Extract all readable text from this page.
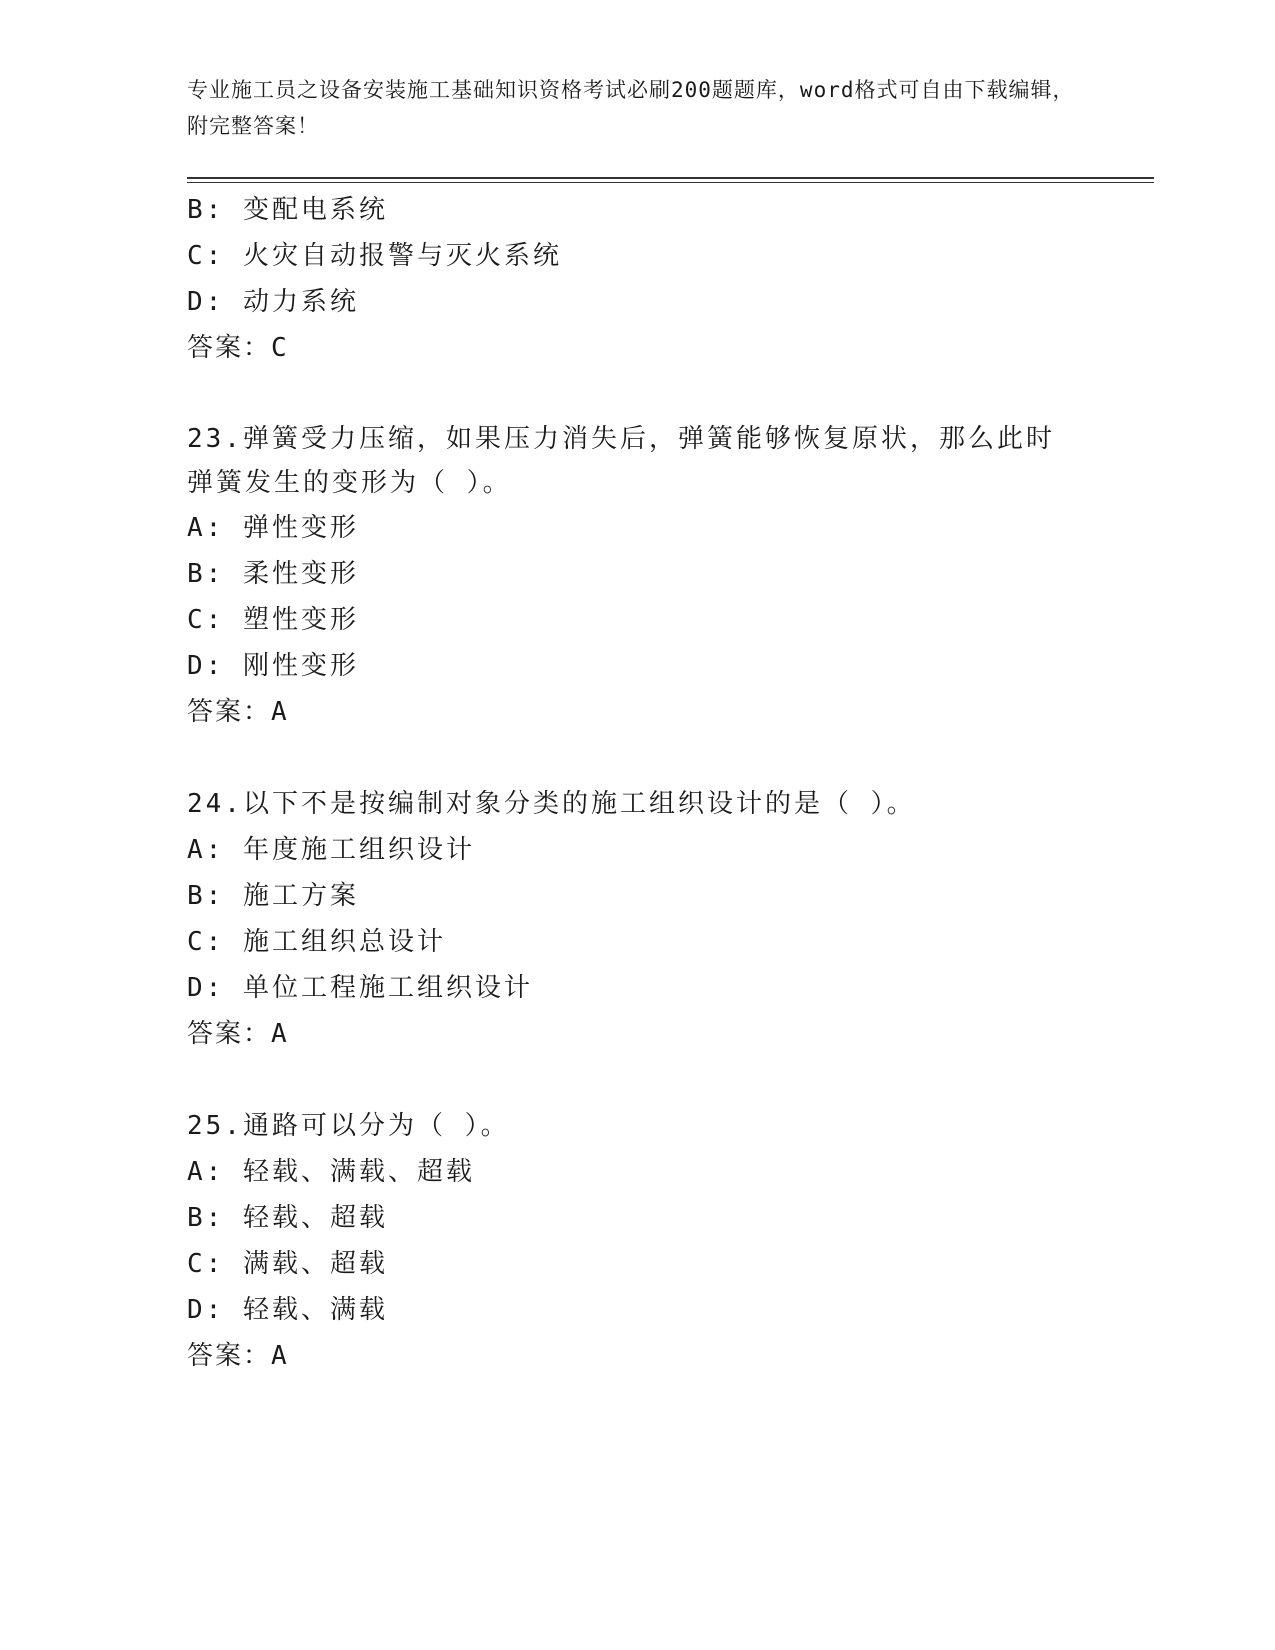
专业施工员之设备安装施工基础知识资格考试必刷200题题库，word格式可自由下载编辑，附完整答案！
B: 变配电系统
C: 火灾自动报警与灭火系统
D: 动力系统
答案：C
23.弹簧受力压缩，如果压力消失后，弹簧能够恢复原状，那么此时弹簧发生的变形为（ ）。
A: 弹性变形
B: 柔性变形
C: 塑性变形
D: 刚性变形
答案：A
24.以下不是按编制对象分类的施工组织设计的是（ ）。
A: 年度施工组织设计
B: 施工方案
C: 施工组织总设计
D: 单位工程施工组织设计
答案：A
25.通路可以分为（ ）。
A: 轻载、满载、超载
B: 轻载、超载
C: 满载、超载
D: 轻载、满载
答案：A
